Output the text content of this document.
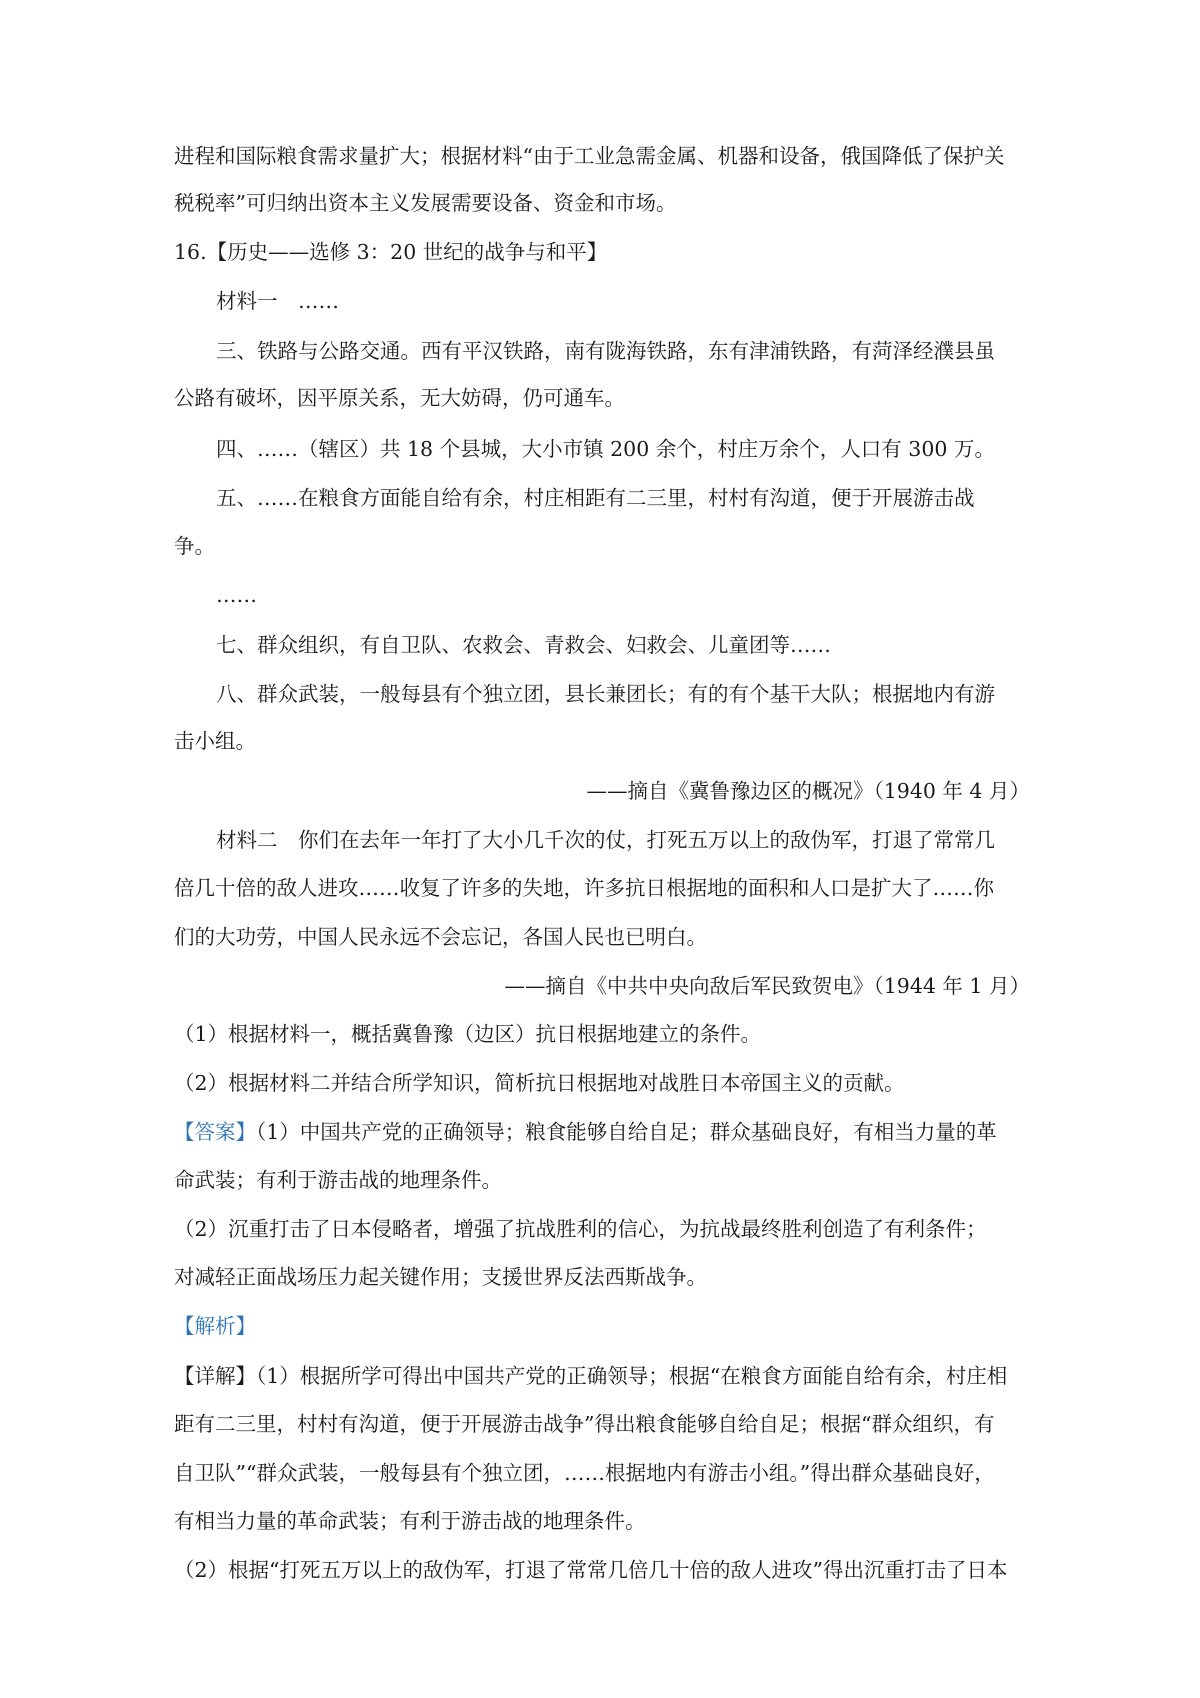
进程和国际粮食需求量扩大；根据材料“由于工业急需金属、机器和设备，俄国降低了保护关
税税率”可归纳出资本主义发展需要设备、资金和市场。
16.【历史——选修 3：20 世纪的战争与和平】
材料一　……
三、铁路与公路交通。西有平汉铁路，南有陇海铁路，东有津浦铁路，有菏泽经濮县虽
公路有破坏，因平原关系，无大妨碍，仍可通车。
四、……（辖区）共 18 个县城，大小市镇 200 余个，村庄万余个，人口有 300 万。
五、……在粮食方面能自给有余，村庄相距有二三里，村村有沟道，便于开展游击战
争。
……
七、群众组织，有自卫队、农救会、青救会、妇救会、儿童团等……
八、群众武装，一般每县有个独立团，县长兼团长；有的有个基干大队；根据地内有游
击小组。
——摘自《冀鲁豫边区的概况》（1940 年 4 月）
材料二　你们在去年一年打了大小几千次的仗，打死五万以上的敌伪军，打退了常常几
倍几十倍的敌人进攻……收复了许多的失地，许多抗日根据地的面积和人口是扩大了……你
们的大功劳，中国人民永远不会忘记，各国人民也已明白。
——摘自《中共中央向敌后军民致贺电》（1944 年 1 月）
（1）根据材料一，概括冀鲁豫（边区）抗日根据地建立的条件。
（2）根据材料二并结合所学知识，简析抗日根据地对战胜日本帝国主义的贡献。
【答案】（1）中国共产党的正确领导；粮食能够自给自足；群众基础良好，有相当力量的革
命武装；有利于游击战的地理条件。
（2）沉重打击了日本侵略者，增强了抗战胜利的信心，为抗战最终胜利创造了有利条件；
对减轻正面战场压力起关键作用；支援世界反法西斯战争。
【解析】
【详解】（1）根据所学可得出中国共产党的正确领导；根据“在粮食方面能自给有余，村庄相
距有二三里，村村有沟道，便于开展游击战争”得出粮食能够自给自足；根据“群众组织，有
自卫队”“群众武装，一般每县有个独立团，……根据地内有游击小组。”得出群众基础良好，
有相当力量的革命武装；有利于游击战的地理条件。
（2）根据“打死五万以上的敌伪军，打退了常常几倍几十倍的敌人进攻”得出沉重打击了日本
